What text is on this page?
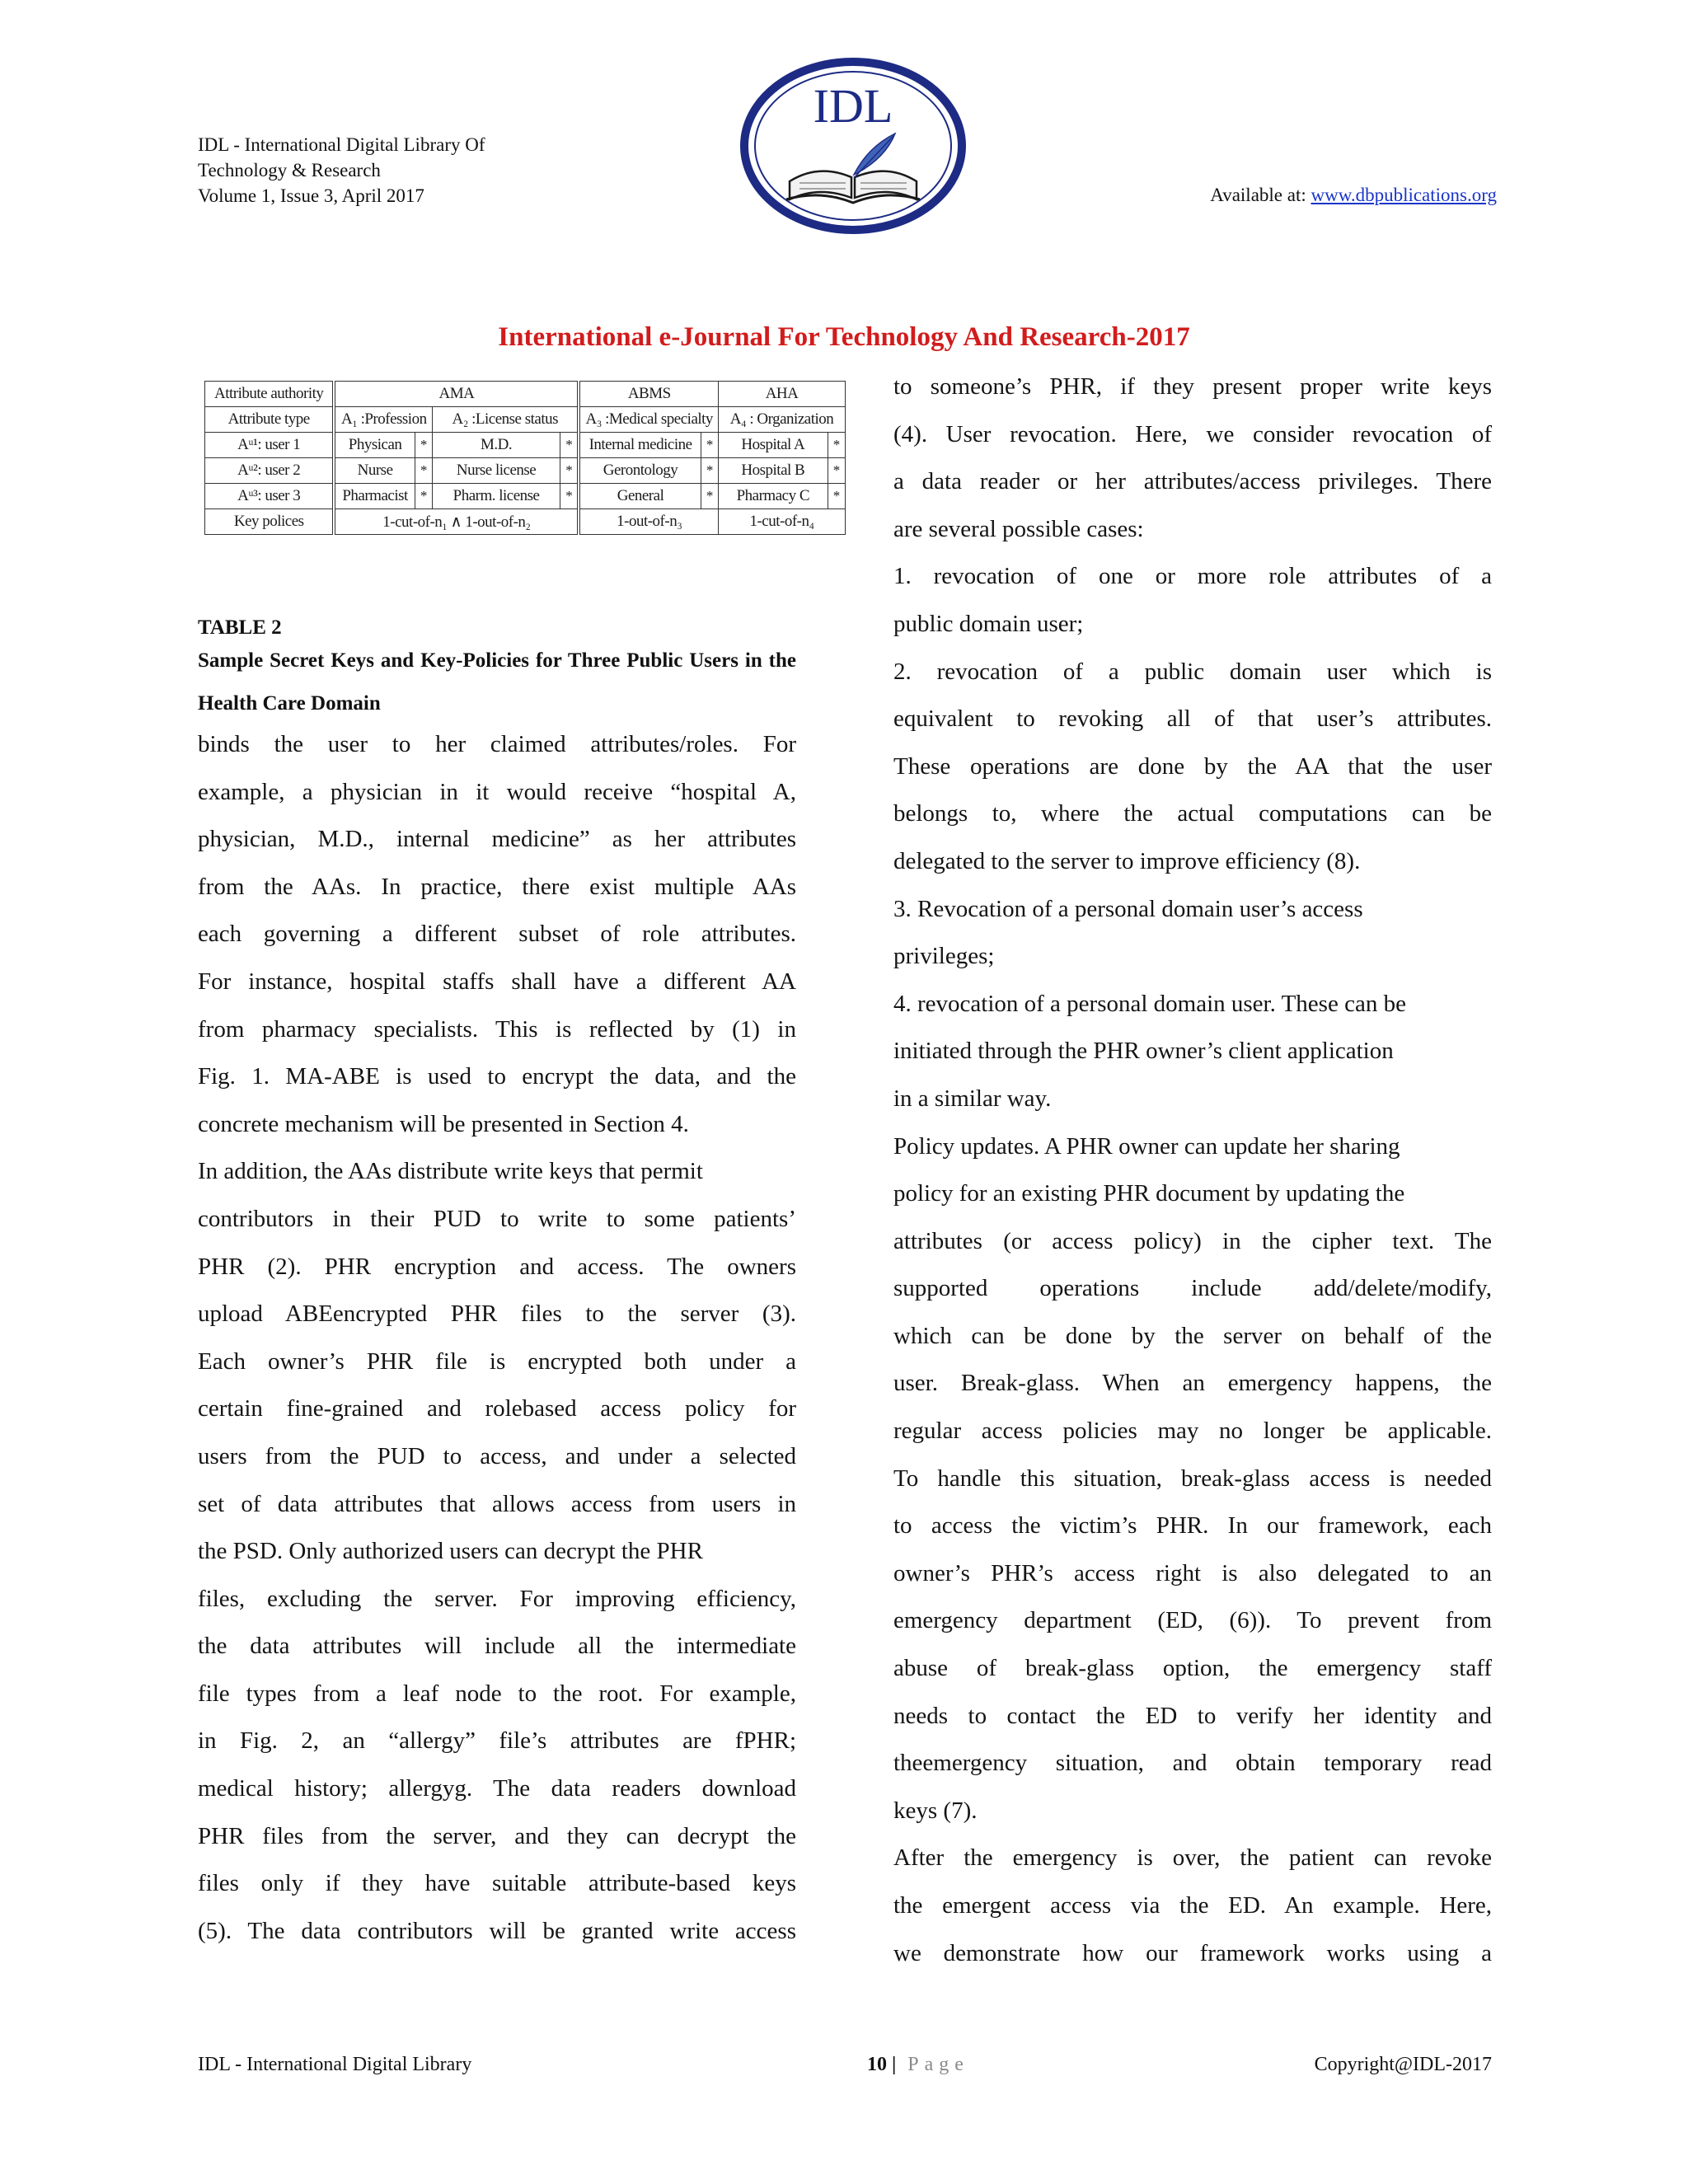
IDL - International Digital Library Of
Technology & Research
Volume 1, Issue 3, April 2017
IDL
Available at: www.dbpublications.org
International e-Journal For Technology And Research-2017
Attribute authority	AMA				ABMS		AHA	
Attribute type	A₁ :Profession		A₂ :License status		A₃ :Medical specialty		A₄ : Organization	
Aᵘ¹: user 1	Physican	*	M.D.	*	Internal medicine	*	Hospital A	*
Aᵘ²: user 2	Nurse	*	Nurse license	*	Gerontology	*	Hospital B	*
Aᵘ³: user 3	Pharmacist	*	Pharm. license	*	General	*	Pharmacy C	*
Key polices	1-cut-of-n₁ ∧ 1-out-of-n₂				1-out-of-n₃		1-cut-of-n₄	
TABLE 2
Sample Secret Keys and Key-Policies for Three Public Users in the Health Care Domain

binds the user to her claimed attributes/roles. For

example, a physician in it would receive “hospital A,

physician, M.D., internal medicine” as her attributes

from the AAs. In practice, there exist multiple AAs

each governing a different subset of role attributes.

For instance, hospital staffs shall have a different AA

from pharmacy specialists. This is reflected by (1) in

Fig. 1. MA-ABE is used to encrypt the data, and the

concrete mechanism will be presented in Section 4.

In addition, the AAs distribute write keys that permit

contributors in their PUD to write to some patients’

PHR (2). PHR encryption and access. The owners

upload ABEencrypted PHR files to the server (3).

Each owner’s PHR file is encrypted both under a

certain fine-grained and rolebased access policy for

users from the PUD to access, and under a selected

set of data attributes that allows access from users in

the PSD. Only authorized users can decrypt the PHR

files, excluding the server. For improving efficiency,

the data attributes will include all the intermediate

file types from a leaf node to the root. For example,

in Fig. 2, an “allergy” file’s attributes are fPHR;

medical history; allergyg. The data readers download

PHR files from the server, and they can decrypt the

files only if they have suitable attribute-based keys

(5). The data contributors will be granted write access

to someone’s PHR, if they present proper write keys

(4). User revocation. Here, we consider revocation of

a data reader or her attributes/access privileges. There

are several possible cases:

1. revocation of one or more role attributes of a

public domain user;

2. revocation of a public domain user which is

equivalent to revoking all of that user’s attributes.

These operations are done by the AA that the user

belongs to, where the actual computations can be

delegated to the server to improve efficiency (8).

3. Revocation of a personal domain user’s access

privileges;

4. revocation of a personal domain user. These can be

initiated through the PHR owner’s client application

in a similar way.

Policy updates. A PHR owner can update her sharing

policy for an existing PHR document by updating the

attributes (or access policy) in the cipher text. The

supported operations include add/delete/modify,

which can be done by the server on behalf of the

user. Break-glass. When an emergency happens, the

regular access policies may no longer be applicable.

To handle this situation, break-glass access is needed

to access the victim’s PHR. In our framework, each

owner’s PHR’s access right is also delegated to an

emergency department (ED, (6)). To prevent from

abuse of break-glass option, the emergency staff

needs to contact the ED to verify her identity and

theemergency situation, and obtain temporary read

keys (7).

After the emergency is over, the patient can revoke

the emergent access via the ED. An example. Here,

we demonstrate how our framework works using a

IDL - International Digital Library	10 | Page	Copyright@IDL-2017
